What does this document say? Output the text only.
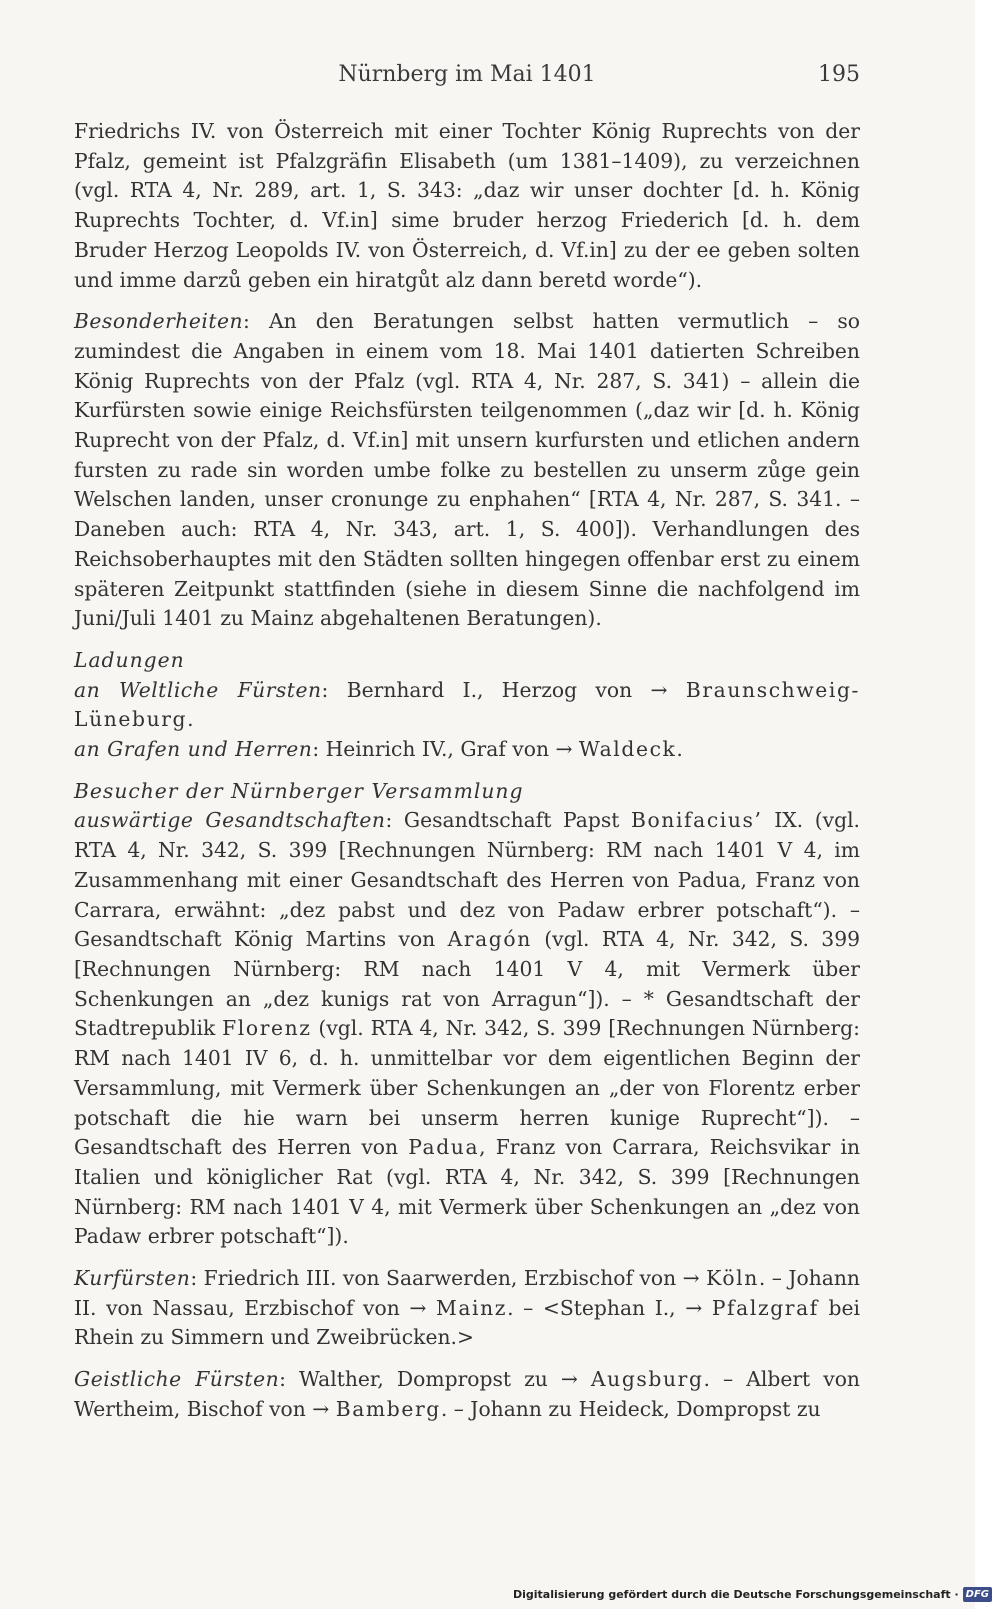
Nürnberg im Mai 1401	195

Friedrichs IV. von Österreich mit einer Tochter König Ruprechts von der Pfalz, gemeint ist Pfalzgräfin Elisabeth (um 1381–1409), zu verzeichnen (vgl. RTA 4, Nr. 289, art. 1, S. 343: „daz wir unser dochter [d. h. König Ruprechts Tochter, d. Vf.in] sime bruder herzog Friederich [d. h. dem Bruder Herzog Leopolds IV. von Österreich, d. Vf.in] zu der ee geben solten und imme darzů geben ein hiratgůt alz dann beretd worde“).

Besonderheiten: An den Beratungen selbst hatten vermutlich – so zumindest die Angaben in einem vom 18. Mai 1401 datierten Schreiben König Ruprechts von der Pfalz (vgl. RTA 4, Nr. 287, S. 341) – allein die Kurfürsten sowie einige Reichsfürsten teilgenommen („daz wir [d. h. König Ruprecht von der Pfalz, d. Vf.in] mit unsern kurfursten und etlichen andern fursten zu rade sin worden umbe folke zu bestellen zu unserm zůge gein Welschen landen, unser cronunge zu enphahen“ [RTA 4, Nr. 287, S. 341. – Daneben auch: RTA 4, Nr. 343, art. 1, S. 400]). Verhandlungen des Reichsoberhauptes mit den Städten sollten hingegen offenbar erst zu einem späteren Zeitpunkt stattfinden (siehe in diesem Sinne die nachfolgend im Juni/Juli 1401 zu Mainz abgehaltenen Beratungen).

Ladungen

an Weltliche Fürsten: Bernhard I., Herzog von → Braunschweig-Lüneburg.

an Grafen und Herren: Heinrich IV., Graf von → Waldeck.

Besucher der Nürnberger Versammlung

auswärtige Gesandtschaften: Gesandtschaft Papst Bonifacius’ IX. (vgl. RTA 4, Nr. 342, S. 399 [Rechnungen Nürnberg: RM nach 1401 V 4, im Zusammenhang mit einer Gesandtschaft des Herren von Padua, Franz von Carrara, erwähnt: „dez pabst und dez von Padaw erbrer potschaft“). – Gesandtschaft König Martins von Aragón (vgl. RTA 4, Nr. 342, S. 399 [Rechnungen Nürnberg: RM nach 1401 V 4, mit Vermerk über Schenkungen an „dez kunigs rat von Arragun“]). – * Gesandtschaft der Stadtrepublik Florenz (vgl. RTA 4, Nr. 342, S. 399 [Rechnungen Nürnberg: RM nach 1401 IV 6, d. h. unmittelbar vor dem eigentlichen Beginn der Versammlung, mit Vermerk über Schenkungen an „der von Florentz erber potschaft die hie warn bei unserm herren kunige Ruprecht“]). – Gesandtschaft des Herren von Padua, Franz von Carrara, Reichsvikar in Italien und königlicher Rat (vgl. RTA 4, Nr. 342, S. 399 [Rechnungen Nürnberg: RM nach 1401 V 4, mit Vermerk über Schenkungen an „dez von Padaw erbrer potschaft“]).

Kurfürsten: Friedrich III. von Saarwerden, Erzbischof von → Köln. – Johann II. von Nassau, Erzbischof von → Mainz. – <Stephan I., → Pfalzgraf bei Rhein zu Simmern und Zweibrücken.>

Geistliche Fürsten: Walther, Dompropst zu → Augsburg. – Albert von Wertheim, Bischof von → Bamberg. – Johann zu Heideck, Dompropst zu

Digitalisierung gefördert durch die Deutsche Forschungsgemeinschaft · DFG
